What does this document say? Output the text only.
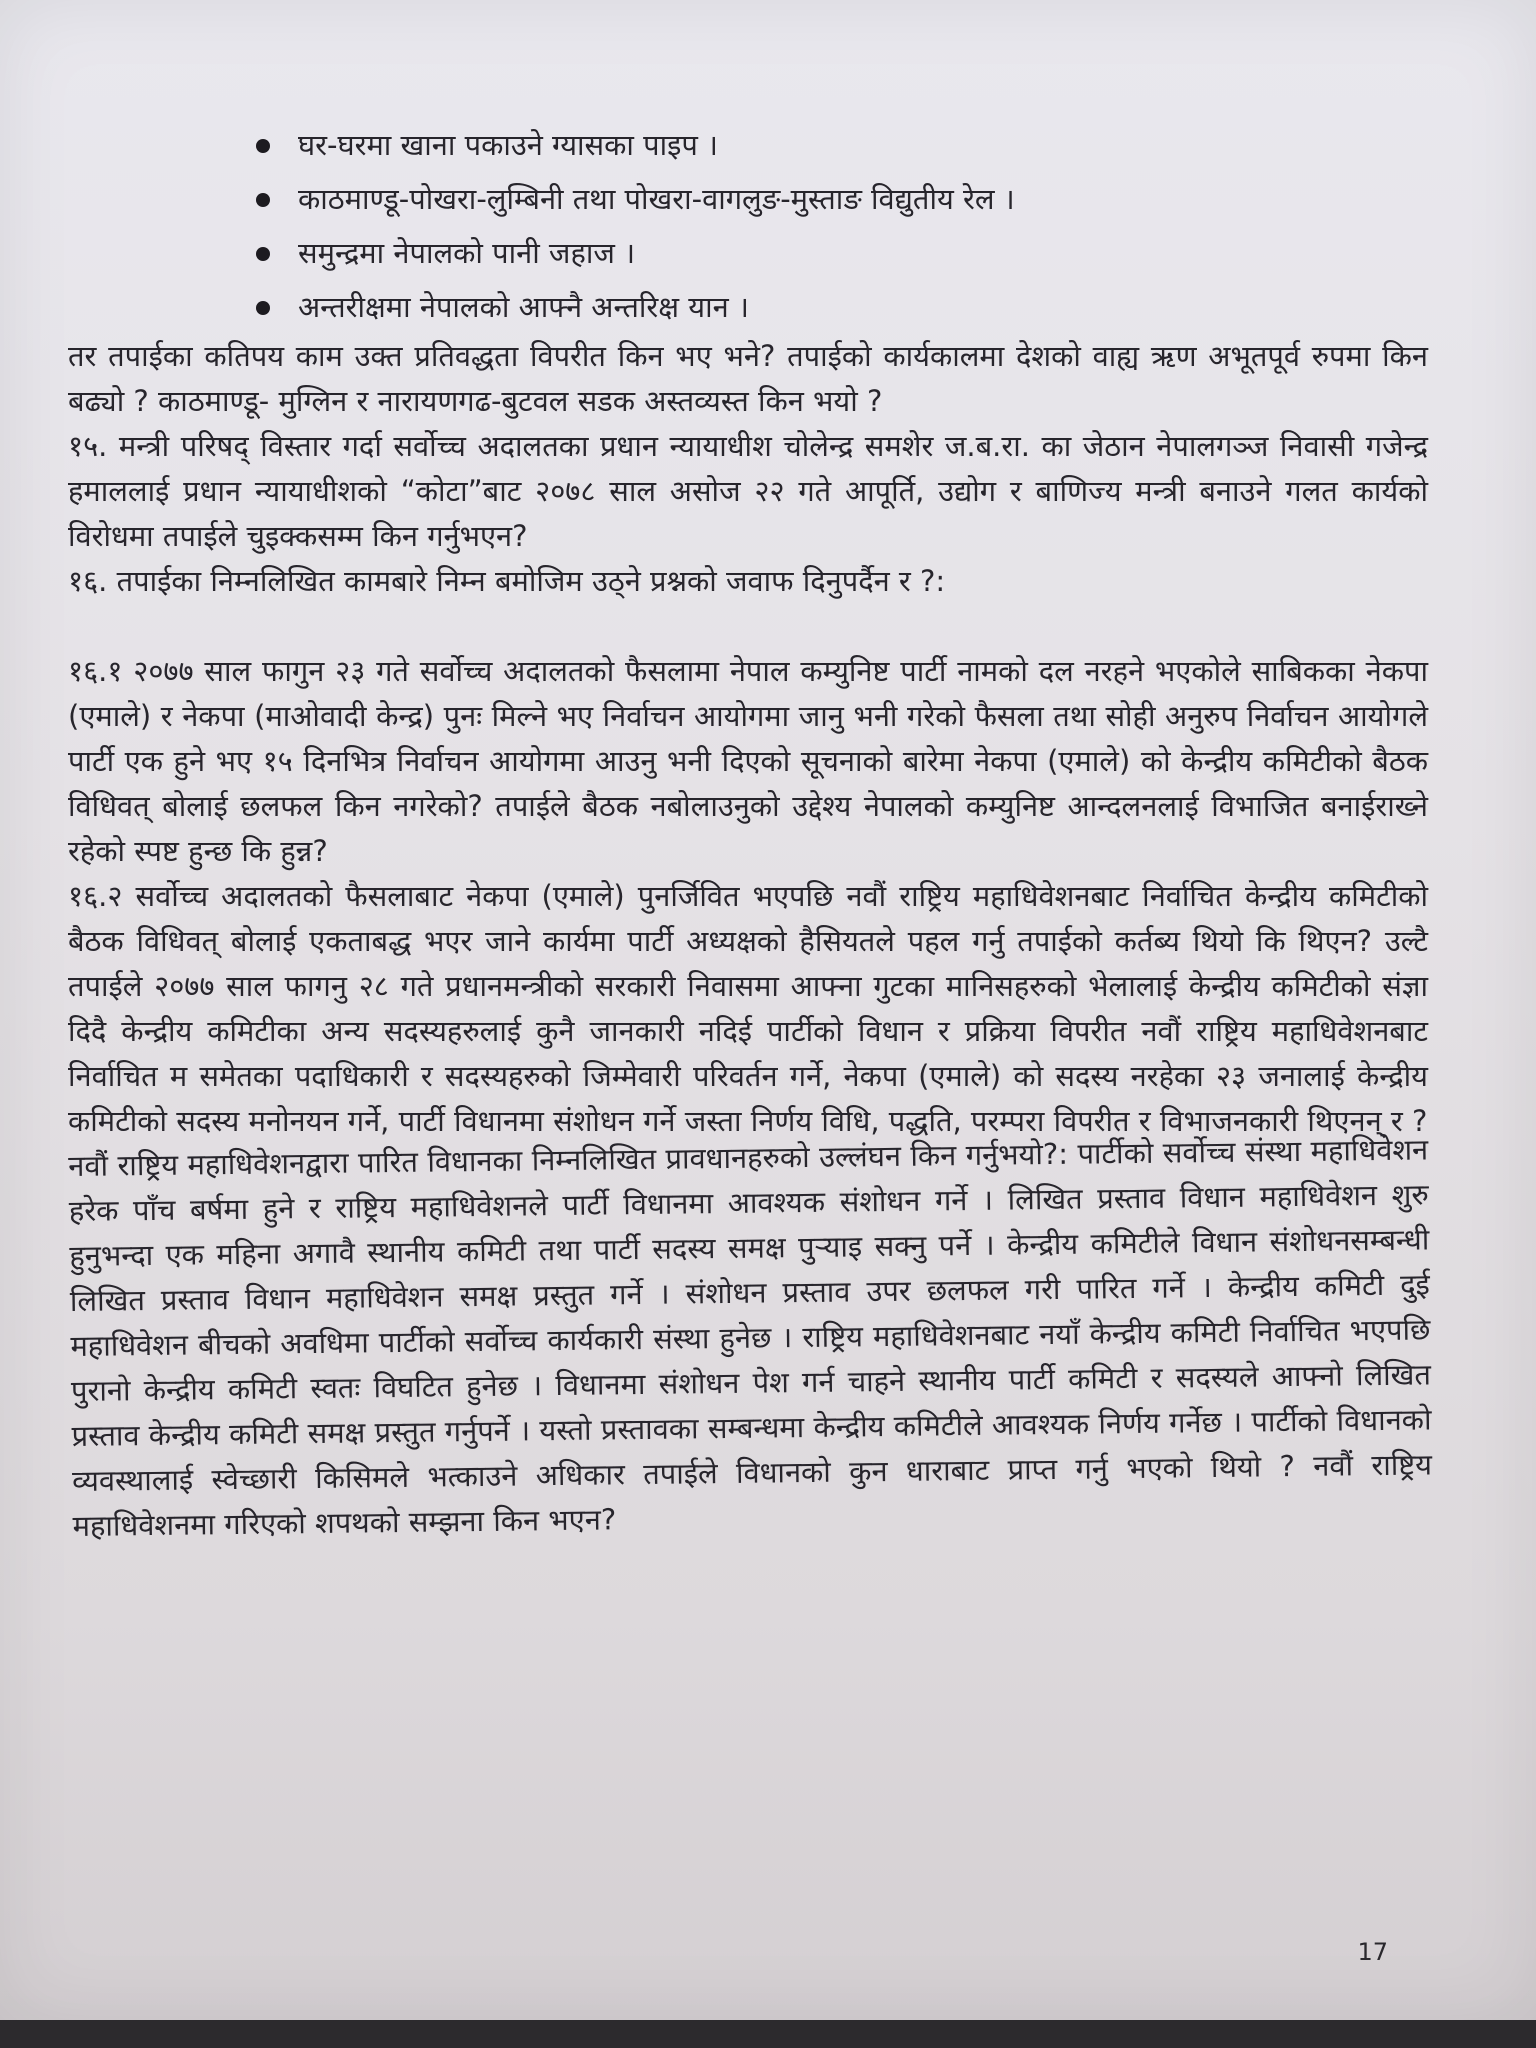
घर-घरमा खाना पकाउने ग्यासका पाइप ।
काठमाण्डू-पोखरा-लुम्बिनी तथा पोखरा-वागलुङ-मुस्ताङ विद्युतीय रेल ।
समुन्द्रमा नेपालको पानी जहाज ।
अन्तरीक्षमा नेपालको आफ्नै अन्तरिक्ष यान ।

तर तपाईका कतिपय काम उक्त प्रतिवद्धता विपरीत किन भए भने? तपाईको कार्यकालमा देशको वाह्य ऋण अभूतपूर्व रुपमा किन बढ्यो ? काठमाण्डू- मुग्लिन र नारायणगढ-बुटवल सडक अस्तव्यस्त किन भयो ?

१५. मन्त्री परिषद् विस्तार गर्दा सर्वोच्च अदालतका प्रधान न्यायाधीश चोलेन्द्र समशेर ज.ब.रा. का जेठान नेपालगञ्ज निवासी गजेन्द्र हमाललाई प्रधान न्यायाधीशको “कोटा”बाट २०७८ साल असोज २२ गते आपूर्ति, उद्योग र बाणिज्य मन्त्री बनाउने गलत कार्यको विरोधमा तपाईले चुइक्कसम्म किन गर्नुभएन?

१६. तपाईका निम्नलिखित कामबारे निम्न बमोजिम उठ्ने प्रश्नको जवाफ दिनुपर्दैन र ?:

१६.१ २०७७ साल फागुन २३ गते सर्वोच्च अदालतको फैसलामा नेपाल कम्युनिष्ट पार्टी नामको दल नरहने भएकोले साबिकका नेकपा (एमाले) र नेकपा (माओवादी केन्द्र) पुनः मिल्ने भए निर्वाचन आयोगमा जानु भनी गरेको फैसला तथा सोही अनुरुप निर्वाचन आयोगले पार्टी एक हुने भए १५ दिनभित्र निर्वाचन आयोगमा आउनु भनी दिएको सूचनाको बारेमा नेकपा (एमाले) को केन्द्रीय कमिटीको बैठक विधिवत् बोलाई छलफल किन नगरेको? तपाईले बैठक नबोलाउनुको उद्देश्य नेपालको कम्युनिष्ट आन्दलनलाई विभाजित बनाईराख्ने रहेको स्पष्ट हुन्छ कि हुन्न?

१६.२ सर्वोच्च अदालतको फैसलाबाट नेकपा (एमाले) पुनर्जिवित भएपछि नवौं राष्ट्रिय महाधिवेशनबाट निर्वाचित केन्द्रीय कमिटीको बैठक विधिवत् बोलाई एकताबद्ध भएर जाने कार्यमा पार्टी अध्यक्षको हैसियतले पहल गर्नु तपाईको कर्तब्य थियो कि थिएन? उल्टै तपाईले २०७७ साल फागनु २८ गते प्रधानमन्त्रीको सरकारी निवासमा आफ्ना गुटका मानिसहरुको भेलालाई केन्द्रीय कमिटीको संज्ञा दिदै केन्द्रीय कमिटीका अन्य सदस्यहरुलाई कुनै जानकारी नदिई पार्टीको विधान र प्रक्रिया विपरीत नवौं राष्ट्रिय महाधिवेशनबाट निर्वाचित म समेतका पदाधिकारी र सदस्यहरुको जिम्मेवारी परिवर्तन गर्ने, नेकपा (एमाले) को सदस्य नरहेका २३ जनालाई केन्द्रीय कमिटीको सदस्य मनोनयन गर्ने, पार्टी विधानमा संशोधन गर्ने जस्ता निर्णय विधि, पद्धति, परम्परा विपरीत र विभाजनकारी थिएनन् र ?

नवौं राष्ट्रिय महाधिवेशनद्वारा पारित विधानका निम्नलिखित प्रावधानहरुको उल्लंघन किन गर्नुभयो?: पार्टीको सर्वोच्च संस्था महाधिवेशन हरेक पाँच बर्षमा हुने र राष्ट्रिय महाधिवेशनले पार्टी विधानमा आवश्यक संशोधन गर्ने । लिखित प्रस्ताव विधान महाधिवेशन शुरु हुनुभन्दा एक महिना अगावै स्थानीय कमिटी तथा पार्टी सदस्य समक्ष पुऱ्याइ सक्नु पर्ने । केन्द्रीय कमिटीले विधान संशोधनसम्बन्धी लिखित प्रस्ताव विधान महाधिवेशन समक्ष प्रस्तुत गर्ने । संशोधन प्रस्ताव उपर छलफल गरी पारित गर्ने । केन्द्रीय कमिटी दुई महाधिवेशन बीचको अवधिमा पार्टीको सर्वोच्च कार्यकारी संस्था हुनेछ । राष्ट्रिय महाधिवेशनबाट नयाँ केन्द्रीय कमिटी निर्वाचित भएपछि पुरानो केन्द्रीय कमिटी स्वतः विघटित हुनेछ । विधानमा संशोधन पेश गर्न चाहने स्थानीय पार्टी कमिटी र सदस्यले आफ्नो लिखित प्रस्ताव केन्द्रीय कमिटी समक्ष प्रस्तुत गर्नुपर्ने । यस्तो प्रस्तावका सम्बन्धमा केन्द्रीय कमिटीले आवश्यक निर्णय गर्नेछ । पार्टीको विधानको व्यवस्थालाई स्वेच्छारी किसिमले भत्काउने अधिकार तपाईले विधानको कुन धाराबाट प्राप्त गर्नु भएको थियो ? नवौं राष्ट्रिय महाधिवेशनमा गरिएको शपथको सम्झना किन भएन?

17
